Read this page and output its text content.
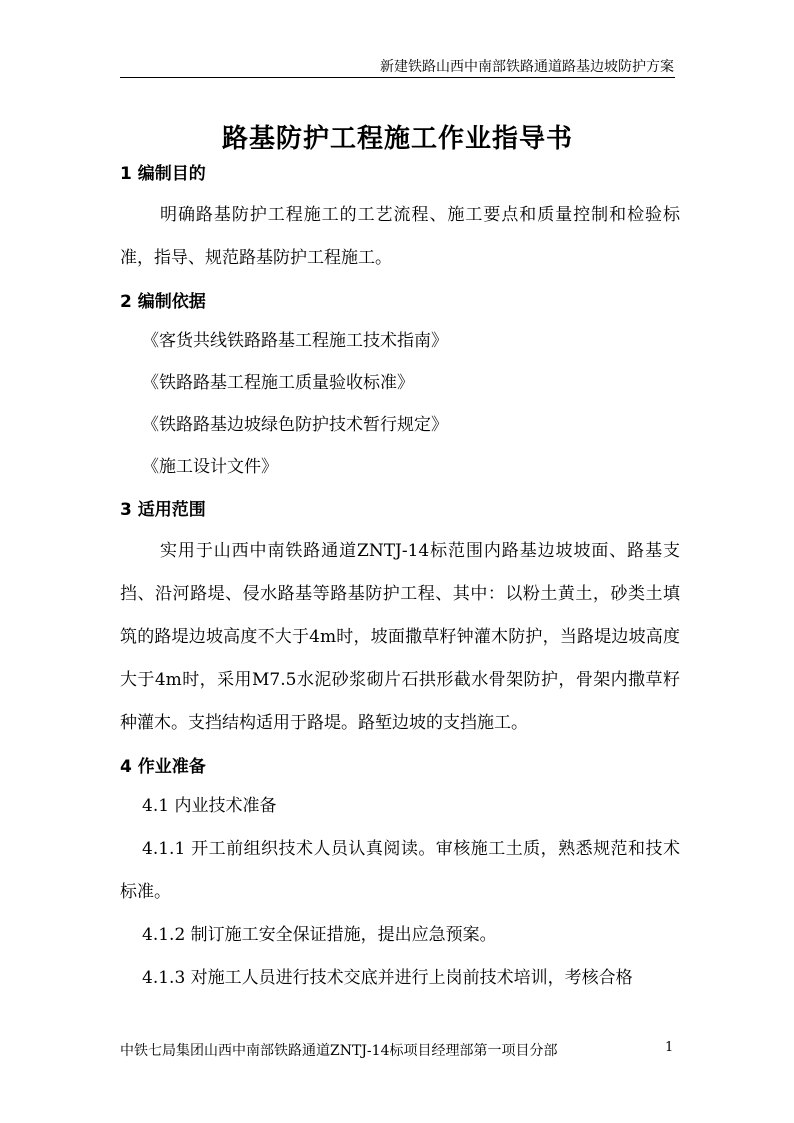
新建铁路山西中南部铁路通道路基边坡防护方案
路基防护工程施工作业指导书

1 编制目的

明确路基防护工程施工的工艺流程、施工要点和质量控制和检验标准，指导、规范路基防护工程施工。

2 编制依据

《客货共线铁路路基工程施工技术指南》

《铁路路基工程施工质量验收标准》

《铁路路基边坡绿色防护技术暂行规定》

《施工设计文件》

3 适用范围

实用于山西中南铁路通道ZNTJ-14标范围内路基边坡坡面、路基支挡、沿河路堤、侵水路基等路基防护工程、其中：以粉土黄土，砂类土填筑的路堤边坡高度不大于4m时，坡面撒草籽钟灌木防护，当路堤边坡高度大于4m时，采用M7.5水泥砂浆砌片石拱形截水骨架防护，骨架内撒草籽种灌木。支挡结构适用于路堤。路堑边坡的支挡施工。

4 作业准备

4.1 内业技术准备

4.1.1 开工前组织技术人员认真阅读。审核施工土质，熟悉规范和技术标准。

4.1.2 制订施工安全保证措施，提出应急预案。

4.1.3 对施工人员进行技术交底并进行上岗前技术培训，考核合格

中铁七局集团山西中南部铁路通道ZNTJ-14标项目经理部第一项目分部	1
